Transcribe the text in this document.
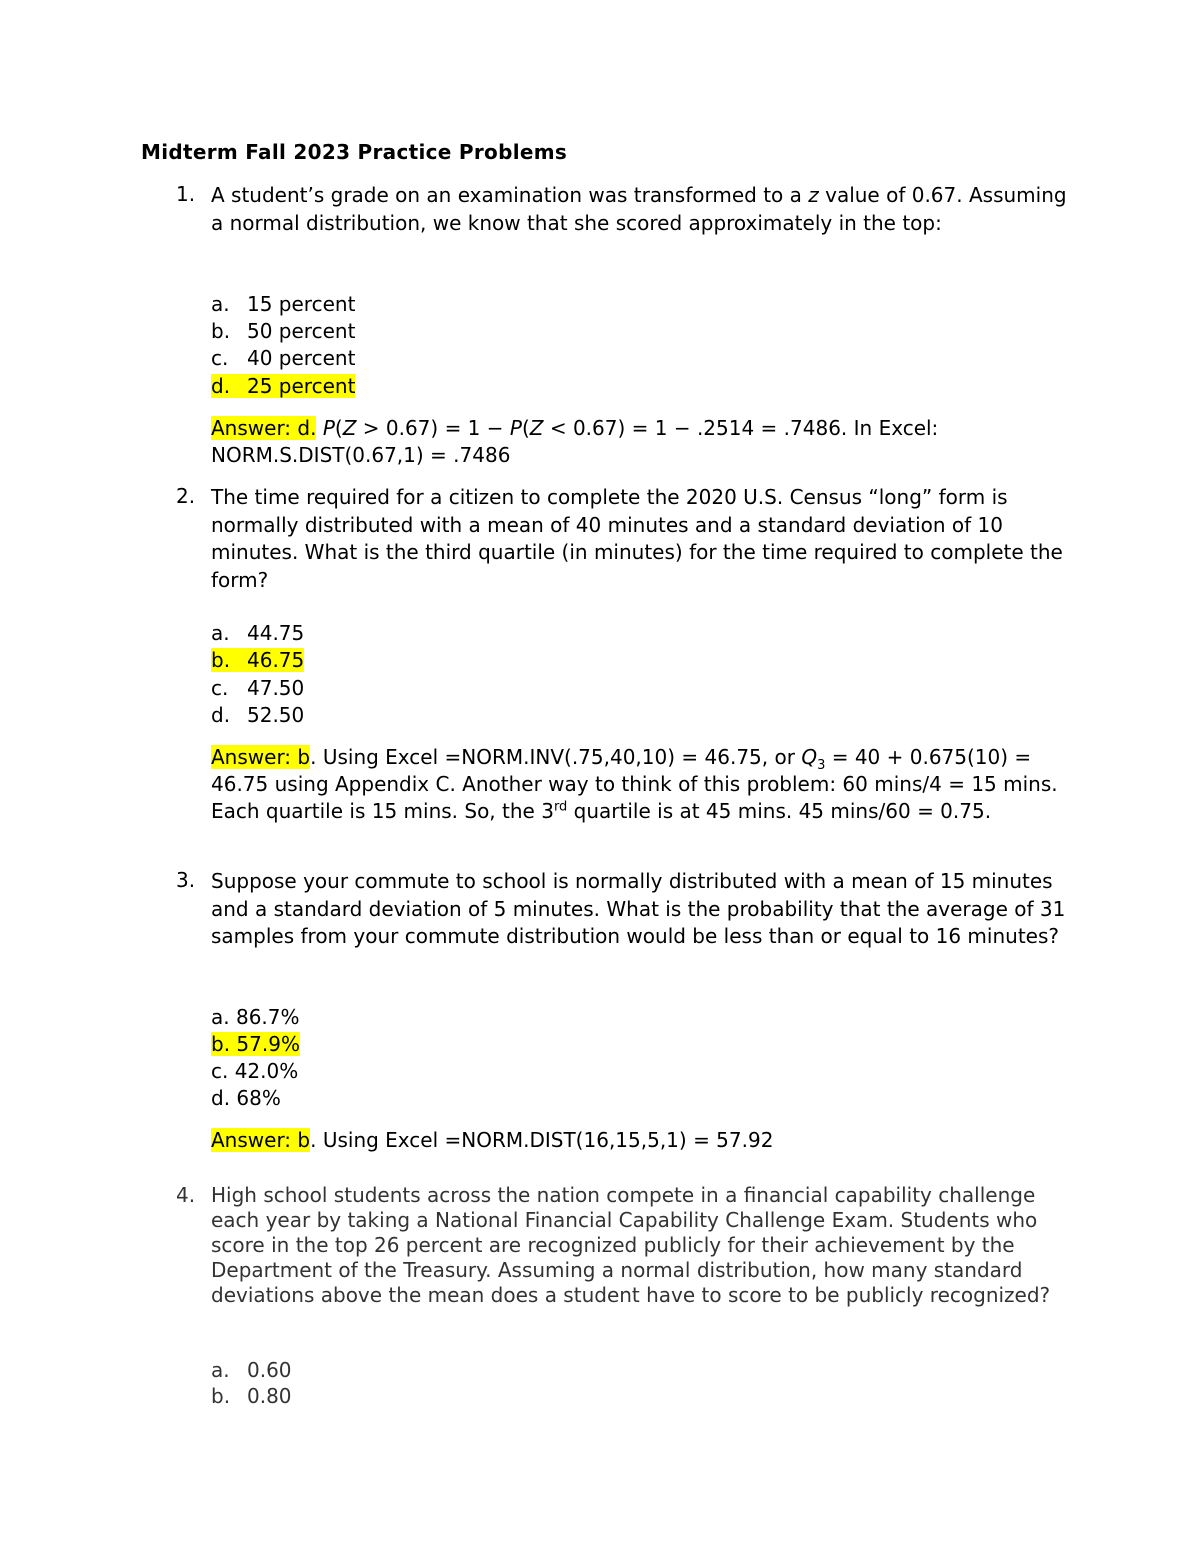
Midterm Fall 2023 Practice Problems
1. A student’s grade on an examination was transformed to a z value of 0.67. Assuming a normal distribution, we know that she scored approximately in the top:
a. 15 percent
b. 50 percent
c. 40 percent
d. 25 percent
Answer: d. P(Z > 0.67) = 1 − P(Z < 0.67) = 1 − .2514 = .7486. In Excel: NORM.S.DIST(0.67,1) = .7486
2. The time required for a citizen to complete the 2020 U.S. Census “long” form is normally distributed with a mean of 40 minutes and a standard deviation of 10 minutes. What is the third quartile (in minutes) for the time required to complete the form?
a. 44.75
b. 46.75
c. 47.50
d. 52.50
Answer: b. Using Excel =NORM.INV(.75,40,10) = 46.75, or $Q_3 = 40 + 0.675(10) = 46.75$ using Appendix C. Another way to think of this problem: 60 mins/4 = 15 mins. Each quartile is 15 mins. So, the 3rd quartile is at 45 mins. 45 mins/60 = 0.75.
3. Suppose your commute to school is normally distributed with a mean of 15 minutes and a standard deviation of 5 minutes. What is the probability that the average of 31 samples from your commute distribution would be less than or equal to 16 minutes?
a. 86.7%
b. 57.9%
c. 42.0%
d. 68%
Answer: b. Using Excel =NORM.DIST(16,15,5,1) = 57.92
4. High school students across the nation compete in a financial capability challenge each year by taking a National Financial Capability Challenge Exam. Students who score in the top 26 percent are recognized publicly for their achievement by the Department of the Treasury. Assuming a normal distribution, how many standard deviations above the mean does a student have to score to be publicly recognized?
a. 0.60
b. 0.80
